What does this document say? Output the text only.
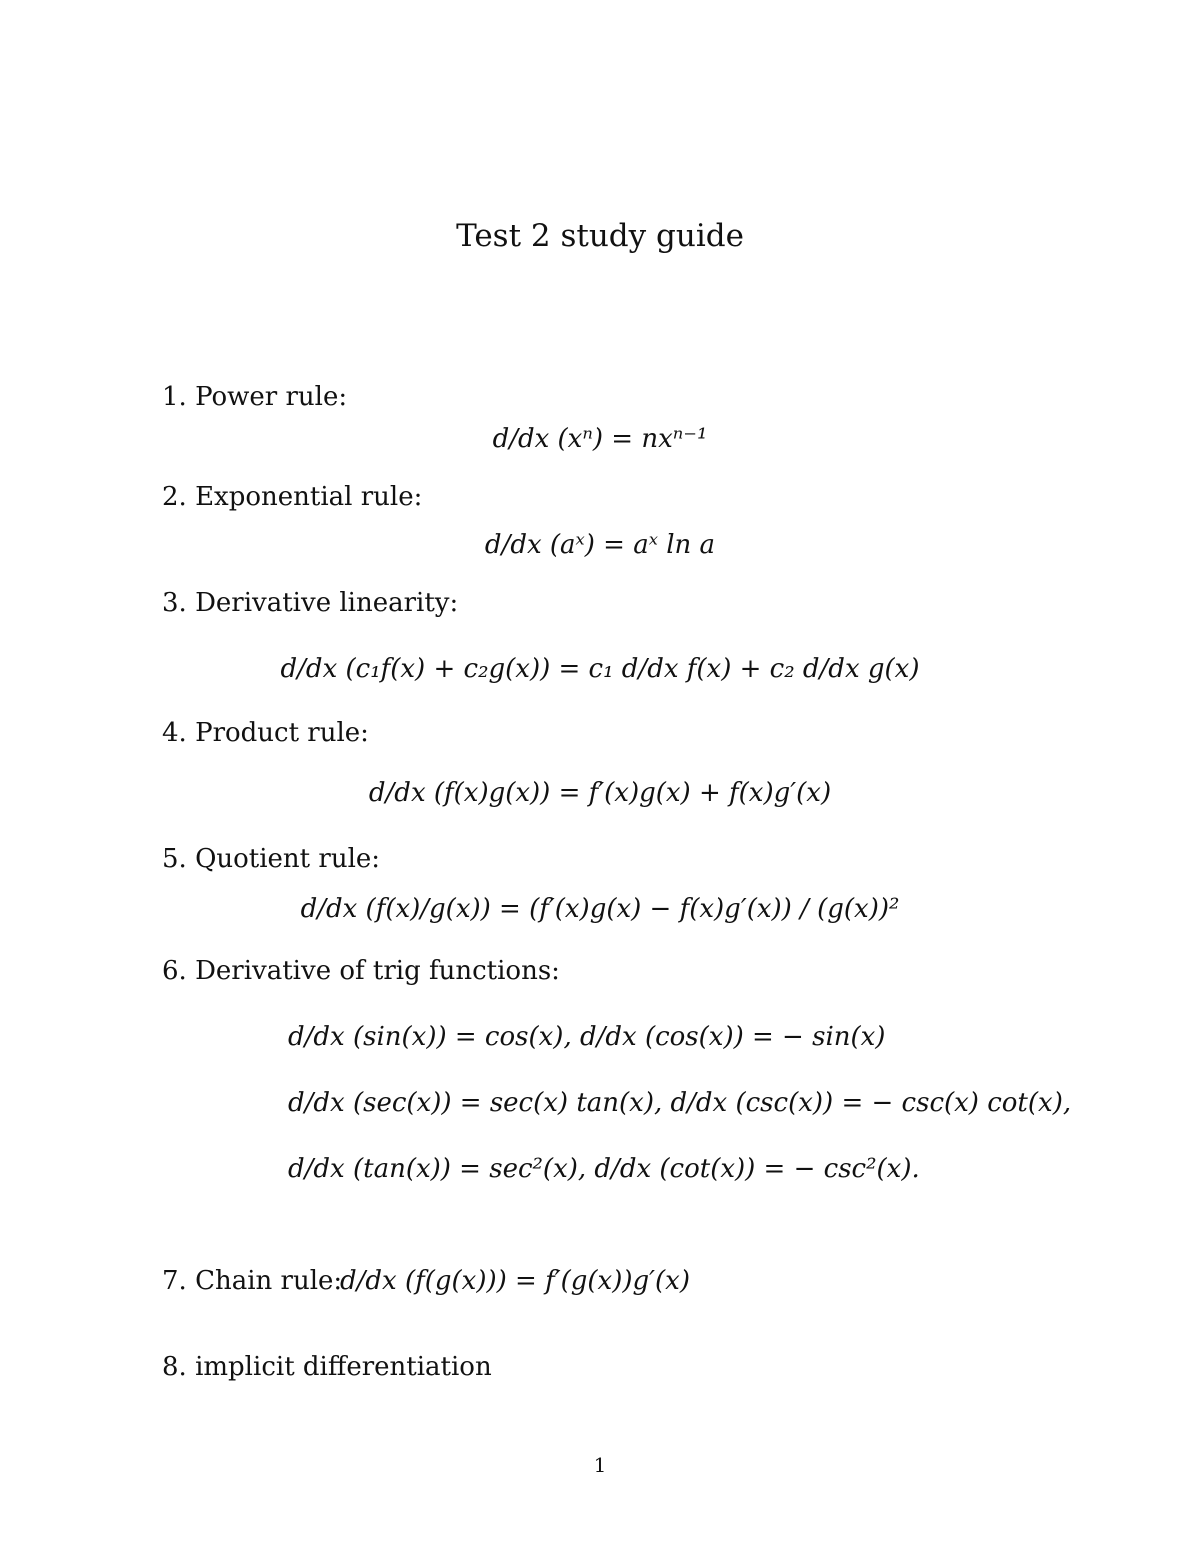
Test 2 study guide
1. Power rule:
d/dx (xⁿ) = nxⁿ⁻¹
2. Exponential rule:
d/dx (aˣ) = aˣ ln a
3. Derivative linearity:
d/dx (c₁f(x) + c₂g(x)) = c₁ d/dx f(x) + c₂ d/dx g(x)
4. Product rule:
d/dx (f(x)g(x)) = f′(x)g(x) + f(x)g′(x)
5. Quotient rule:
d/dx (f(x)/g(x)) = (f′(x)g(x) − f(x)g′(x)) / (g(x))²
6. Derivative of trig functions:
d/dx (sin(x)) = cos(x), d/dx (cos(x)) = − sin(x)
d/dx (sec(x)) = sec(x) tan(x), d/dx (csc(x)) = − csc(x) cot(x),
d/dx (tan(x)) = sec²(x), d/dx (cot(x)) = − csc²(x).
7. Chain rule:
d/dx (f(g(x))) = f′(g(x))g′(x)
8. implicit differentiation
1
